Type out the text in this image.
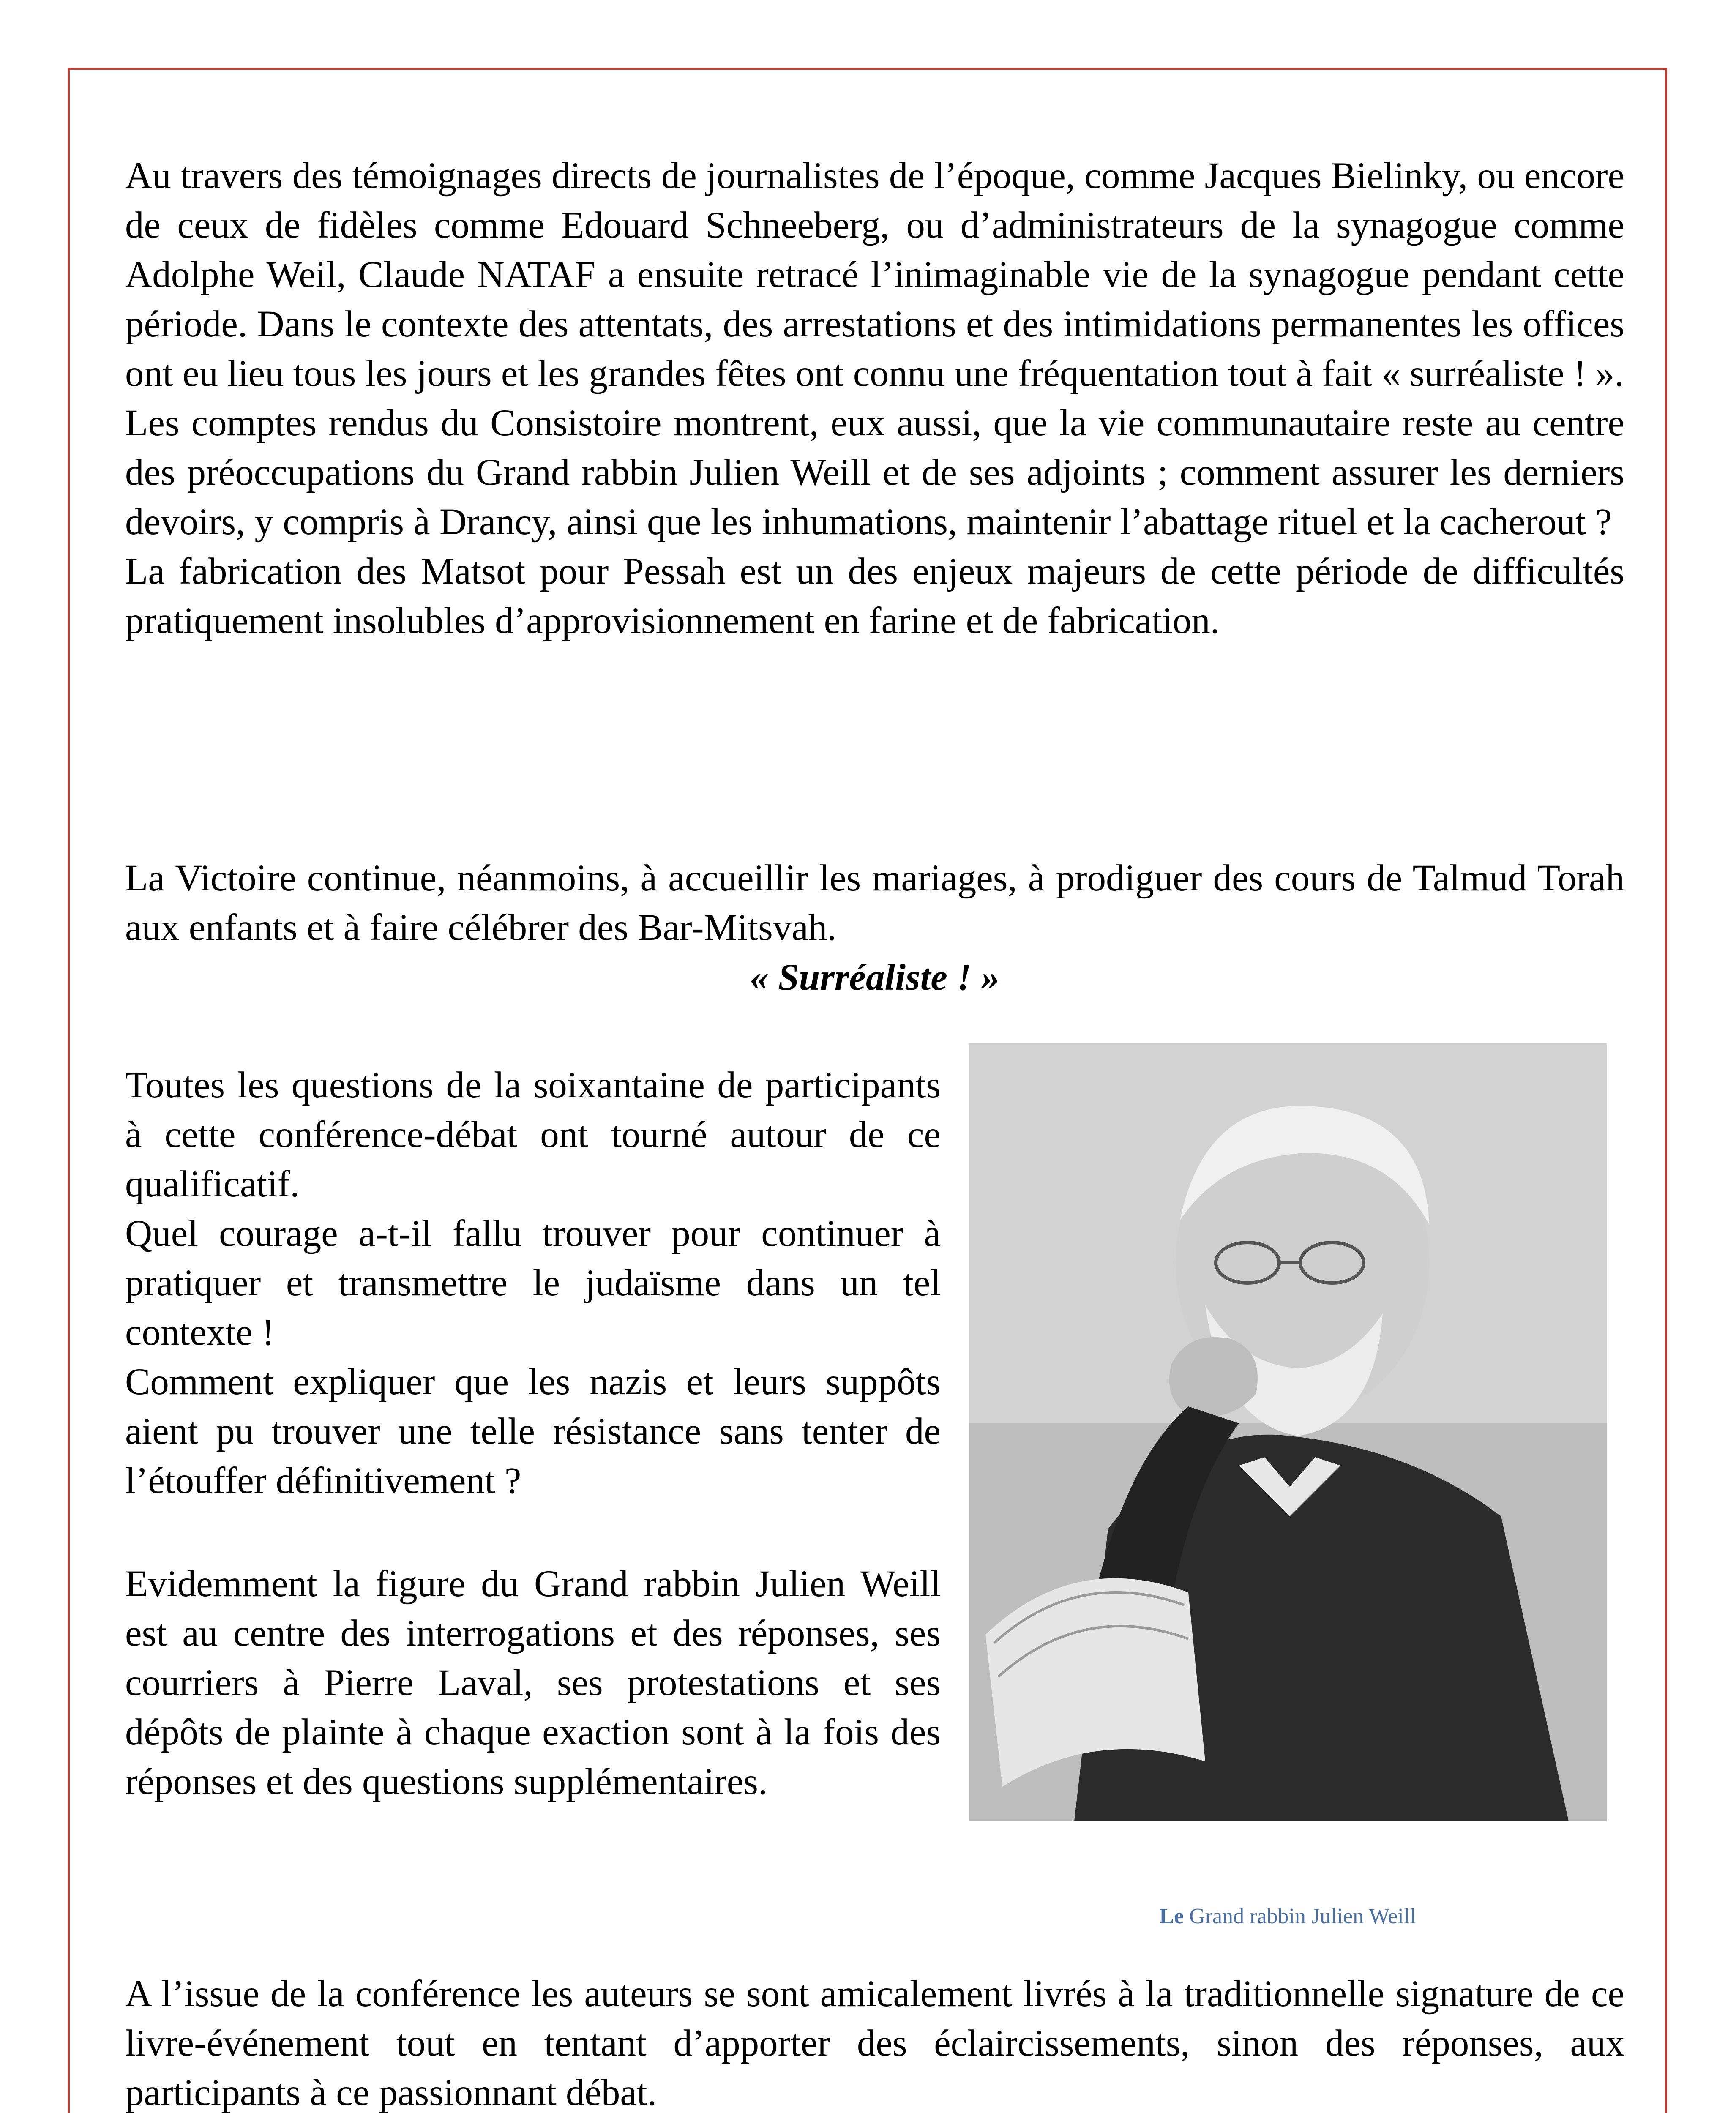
Au travers des témoignages directs de journalistes de l’époque, comme Jacques Bielinky, ou encore de ceux de fidèles comme Edouard Schneeberg, ou d’administrateurs de la synagogue comme Adolphe Weil, Claude NATAF a ensuite retracé l’inimaginable vie de la synagogue pendant cette période. Dans le contexte des attentats, des arrestations et des intimidations permanentes les offices ont eu lieu tous les jours et les grandes fêtes ont connu une fréquentation tout à fait « surréaliste ! ».
Les comptes rendus du Consistoire montrent, eux aussi, que la vie communautaire reste au centre des préoccupations du Grand rabbin Julien Weill et de ses adjoints ; comment assurer les derniers devoirs, y compris à Drancy, ainsi que les inhumations, maintenir l’abattage rituel et la cacherout ?
La fabrication des Matsot pour Pessah est un des enjeux majeurs de cette période de difficultés pratiquement insolubles d’approvisionnement en farine et de fabrication.

La Victoire continue, néanmoins, à accueillir les mariages, à prodiguer des cours de Talmud Torah aux enfants et à faire célébrer des Bar-Mitsvah.

« Surréaliste ! »

Toutes les questions de la soixantaine de participants à cette conférence-débat ont tourné autour de ce qualificatif.
Quel courage a-t-il fallu trouver pour continuer à pratiquer et transmettre le judaïsme dans un tel contexte !
Comment expliquer que les nazis et leurs suppôts aient pu trouver une telle résistance sans tenter de l’étouffer définitivement ?

Evidemment la figure du Grand rabbin Julien Weill est au centre des interrogations et des réponses, ses courriers à Pierre Laval, ses protestations et ses dépôts de plainte à chaque exaction sont à la fois des réponses et des questions supplémentaires.

Le Grand rabbin Julien Weill

A l’issue de la conférence les auteurs se sont amicalement livrés à la traditionnelle signature de ce livre-événement tout en tentant d’apporter des éclaircissements, sinon des réponses, aux participants à ce passionnant débat.
